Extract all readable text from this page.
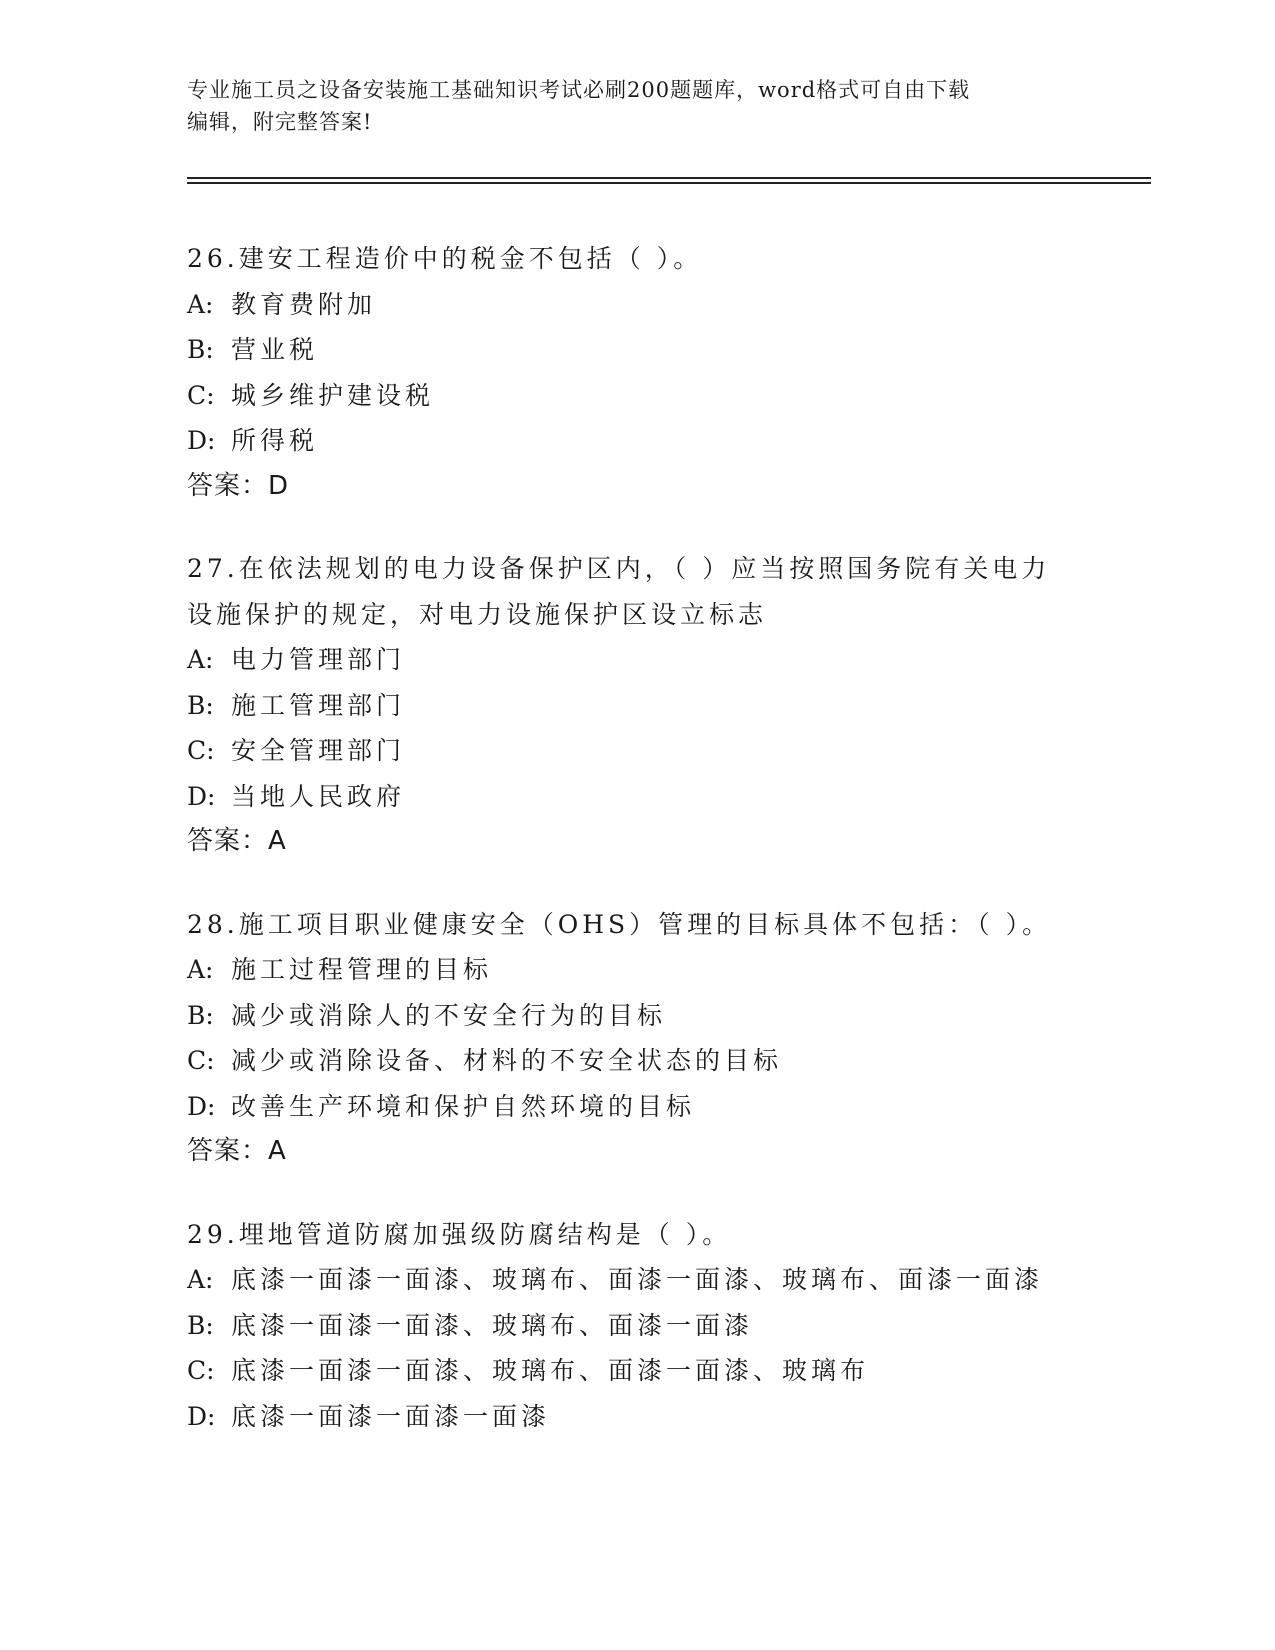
专业施工员之设备安装施工基础知识考试必刷200题题库，word格式可自由下载
编辑，附完整答案!
26.建安工程造价中的税金不包括（ ）。
A: 教育费附加
B: 营业税
C: 城乡维护建设税
D: 所得税
答案：D
27.在依法规划的电力设备保护区内，（ ）应当按照国务院有关电力
设施保护的规定，对电力设施保护区设立标志
A: 电力管理部门
B: 施工管理部门
C: 安全管理部门
D: 当地人民政府
答案：A
28.施工项目职业健康安全（OHS）管理的目标具体不包括：（ ）。
A: 施工过程管理的目标
B: 减少或消除人的不安全行为的目标
C: 减少或消除设备、材料的不安全状态的目标
D: 改善生产环境和保护自然环境的目标
答案：A
29.埋地管道防腐加强级防腐结构是（ ）。
A: 底漆一面漆一面漆、玻璃布、面漆一面漆、玻璃布、面漆一面漆
B: 底漆一面漆一面漆、玻璃布、面漆一面漆
C: 底漆一面漆一面漆、玻璃布、面漆一面漆、玻璃布
D: 底漆一面漆一面漆一面漆
